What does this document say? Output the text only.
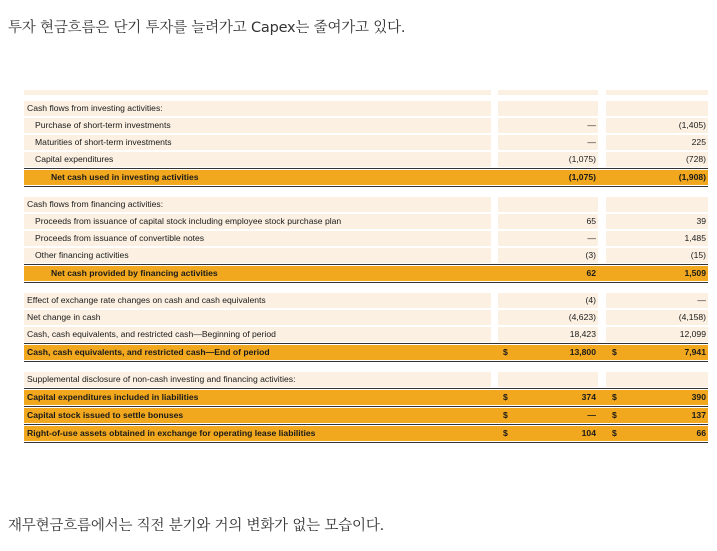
투자 현금흐름은 단기 투자를 늘려가고 Capex는 줄여가고 있다.
Cash flows from investing activities:
Purchase of short-term investments	—	(1,405)
Maturities of short-term investments	—	225
Capital expenditures	(1,075)	(728)
Net cash used in investing activities	(1,075)	(1,908)
Cash flows from financing activities:
Proceeds from issuance of capital stock including employee stock purchase plan	65	39
Proceeds from issuance of convertible notes	—	1,485
Other financing activities	(3)	(15)
Net cash provided by financing activities	62	1,509
Effect of exchange rate changes on cash and cash equivalents	(4)	—
Net change in cash	(4,623)	(4,158)
Cash, cash equivalents, and restricted cash—Beginning of period	18,423	12,099
Cash, cash equivalents, and restricted cash—End of period	$	13,800 $	7,941
Supplemental disclosure of non-cash investing and financing activities:
Capital expenditures included in liabilities	$	374 $	390
Capital stock issued to settle bonuses	$	— $	137
Right-of-use assets obtained in exchange for operating lease liabilities	$	104 $	66
재무현금흐름에서는 직전 분기와 거의 변화가 없는 모습이다.
